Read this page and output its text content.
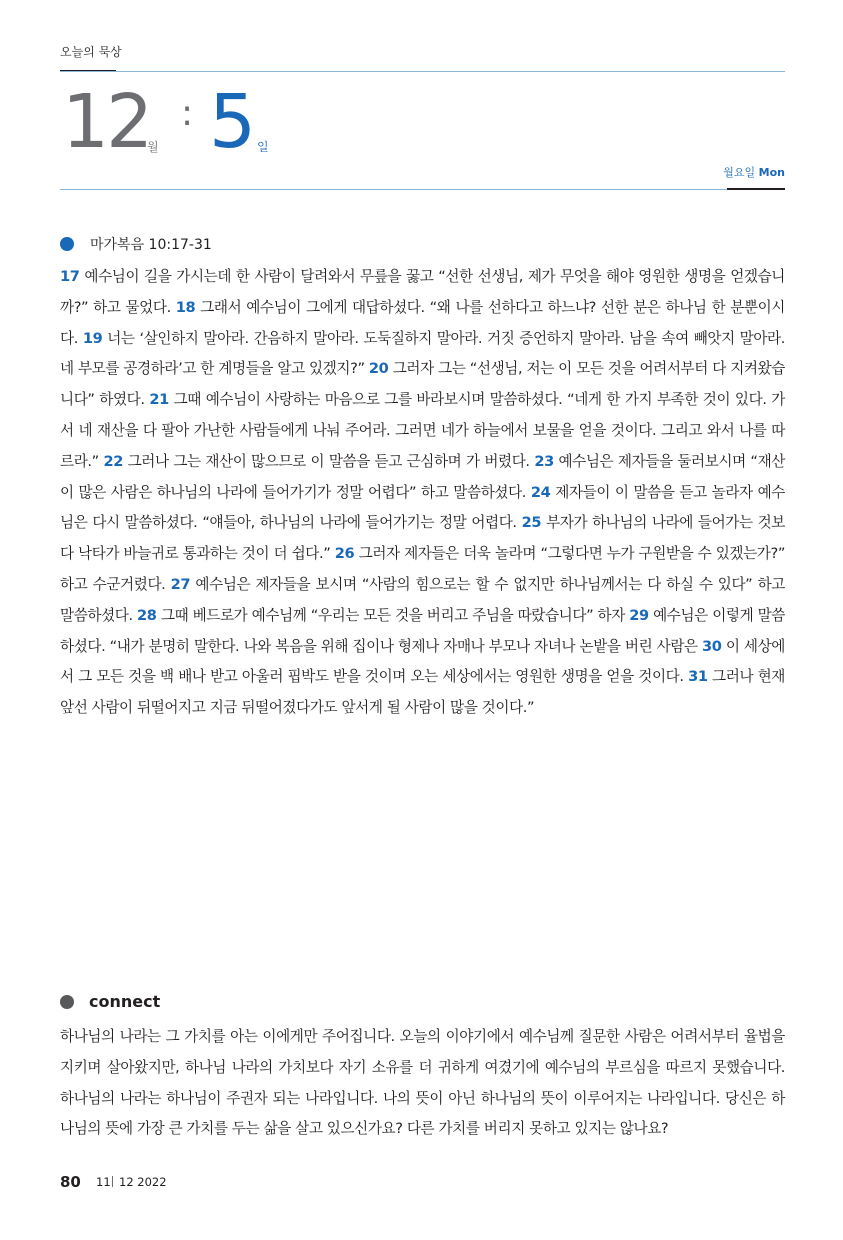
오늘의 묵상
12
월
: 5 일
월요일 Mon
마가복음 10:17-31
17 예수님이 길을 가시는데 한 사람이 달려와서 무릎을 꿇고 “선한 선생님, 제가 무엇을 해야 영원한 생명을 얻겠습니까?” 하고 물었다. 18 그래서 예수님이 그에게 대답하셨다. “왜 나를 선하다고 하느냐? 선한 분은 하나님 한 분뿐이시다. 19 너는 ‘살인하지 말아라. 간음하지 말아라. 도둑질하지 말아라. 거짓 증언하지 말아라. 남을 속여 빼앗지 말아라. 네 부모를 공경하라’고 한 계명들을 알고 있겠지?” 20 그러자 그는 “선생님, 저는 이 모든 것을 어려서부터 다 지켜왔습니다” 하였다. 21 그때 예수님이 사랑하는 마음으로 그를 바라보시며 말씀하셨다. “네게 한 가지 부족한 것이 있다. 가서 네 재산을 다 팔아 가난한 사람들에게 나눠 주어라. 그러면 네가 하늘에서 보물을 얻을 것이다. 그리고 와서 나를 따르라.” 22 그러나 그는 재산이 많으므로 이 말씀을 듣고 근심하며 가 버렸다. 23 예수님은 제자들을 둘러보시며 “재산이 많은 사람은 하나님의 나라에 들어가기가 정말 어렵다” 하고 말씀하셨다. 24 제자들이 이 말씀을 듣고 놀라자 예수님은 다시 말씀하셨다. “얘들아, 하나님의 나라에 들어가기는 정말 어렵다. 25 부자가 하나님의 나라에 들어가는 것보다 낙타가 바늘귀로 통과하는 것이 더 쉽다.” 26 그러자 제자들은 더욱 놀라며 “그렇다면 누가 구원받을 수 있겠는가?” 하고 수군거렸다. 27 예수님은 제자들을 보시며 “사람의 힘으로는 할 수 없지만 하나님께서는 다 하실 수 있다” 하고 말씀하셨다. 28 그때 베드로가 예수님께 “우리는 모든 것을 버리고 주님을 따랐습니다” 하자 29 예수님은 이렇게 말씀하셨다. “내가 분명히 말한다. 나와 복음을 위해 집이나 형제나 자매나 부모나 자녀나 논밭을 버린 사람은 30 이 세상에서 그 모든 것을 백 배나 받고 아울러 핍박도 받을 것이며 오는 세상에서는 영원한 생명을 얻을 것이다. 31 그러나 현재 앞선 사람이 뒤떨어지고 지금 뒤떨어졌다가도 앞서게 될 사람이 많을 것이다.”
connect
하나님의 나라는 그 가치를 아는 이에게만 주어집니다. 오늘의 이야기에서 예수님께 질문한 사람은 어려서부터 율법을 지키며 살아왔지만, 하나님 나라의 가치보다 자기 소유를 더 귀하게 여겼기에 예수님의 부르심을 따르지 못했습니다. 하나님의 나라는 하나님이 주권자 되는 나라입니다. 나의 뜻이 아닌 하나님의 뜻이 이루어지는 나라입니다. 당신은 하나님의 뜻에 가장 큰 가치를 두는 삶을 살고 있으신가요? 다른 가치를 버리지 못하고 있지는 않나요?
80 11 12 2022
